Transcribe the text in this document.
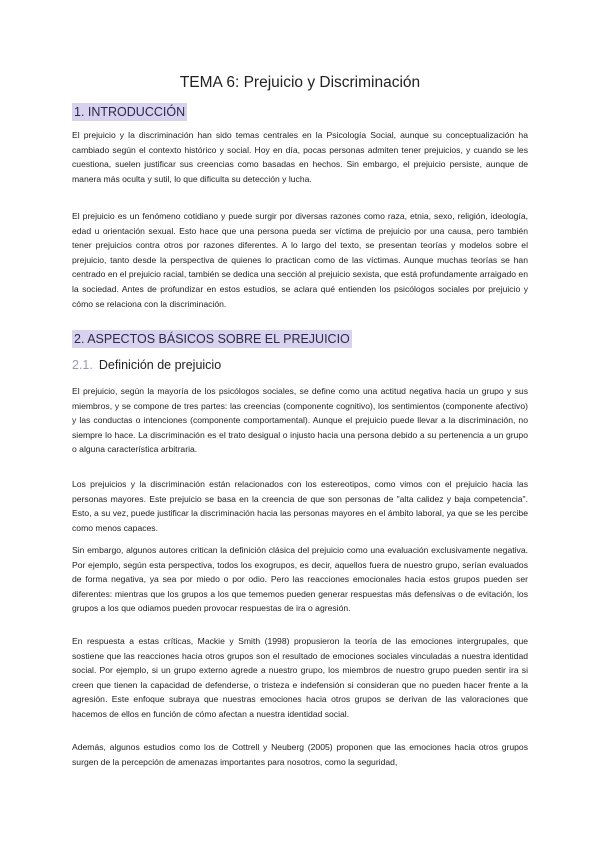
TEMA 6: Prejuicio y Discriminación
1. INTRODUCCIÓN

El prejuicio y la discriminación han sido temas centrales en la Psicología Social, aunque su conceptualización ha cambiado según el contexto histórico y social. Hoy en día, pocas personas admiten tener prejuicios, y cuando se les cuestiona, suelen justificar sus creencias como basadas en hechos. Sin embargo, el prejuicio persiste, aunque de manera más oculta y sutil, lo que dificulta su detección y lucha.

El prejuicio es un fenómeno cotidiano y puede surgir por diversas razones como raza, etnia, sexo, religión, ideología, edad u orientación sexual. Esto hace que una persona pueda ser víctima de prejuicio por una causa, pero también tener prejuicios contra otros por razones diferentes. A lo largo del texto, se presentan teorías y modelos sobre el prejuicio, tanto desde la perspectiva de quienes lo practican como de las víctimas. Aunque muchas teorías se han centrado en el prejuicio racial, también se dedica una sección al prejuicio sexista, que está profundamente arraigado en la sociedad. Antes de profundizar en estos estudios, se aclara qué entienden los psicólogos sociales por prejuicio y cómo se relaciona con la discriminación.

2. ASPECTOS BÁSICOS SOBRE EL PREJUICIO
2.1. Definición de prejuicio

El prejuicio, según la mayoría de los psicólogos sociales, se define como una actitud negativa hacia un grupo y sus miembros, y se compone de tres partes: las creencias (componente cognitivo), los sentimientos (componente afectivo) y las conductas o intenciones (componente comportamental). Aunque el prejuicio puede llevar a la discriminación, no siempre lo hace. La discriminación es el trato desigual o injusto hacia una persona debido a su pertenencia a un grupo o alguna característica arbitraria.

Los prejuicios y la discriminación están relacionados con los estereotipos, como vimos con el prejuicio hacia las personas mayores. Este prejuicio se basa en la creencia de que son personas de "alta calidez y baja competencia". Esto, a su vez, puede justificar la discriminación hacia las personas mayores en el ámbito laboral, ya que se les percibe como menos capaces.

Sin embargo, algunos autores critican la definición clásica del prejuicio como una evaluación exclusivamente negativa. Por ejemplo, según esta perspectiva, todos los exogrupos, es decir, aquellos fuera de nuestro grupo, serían evaluados de forma negativa, ya sea por miedo o por odio. Pero las reacciones emocionales hacia estos grupos pueden ser diferentes: mientras que los grupos a los que tememos pueden generar respuestas más defensivas o de evitación, los grupos a los que odiamos pueden provocar respuestas de ira o agresión.

En respuesta a estas críticas, Mackie y Smith (1998) propusieron la teoría de las emociones intergrupales, que sostiene que las reacciones hacia otros grupos son el resultado de emociones sociales vinculadas a nuestra identidad social. Por ejemplo, si un grupo externo agrede a nuestro grupo, los miembros de nuestro grupo pueden sentir ira si creen que tienen la capacidad de defenderse, o tristeza e indefensión si consideran que no pueden hacer frente a la agresión. Este enfoque subraya que nuestras emociones hacia otros grupos se derivan de las valoraciones que hacemos de ellos en función de cómo afectan a nuestra identidad social.

Además, algunos estudios como los de Cottrell y Neuberg (2005) proponen que las emociones hacia otros grupos surgen de la percepción de amenazas importantes para nosotros, como la seguridad,
